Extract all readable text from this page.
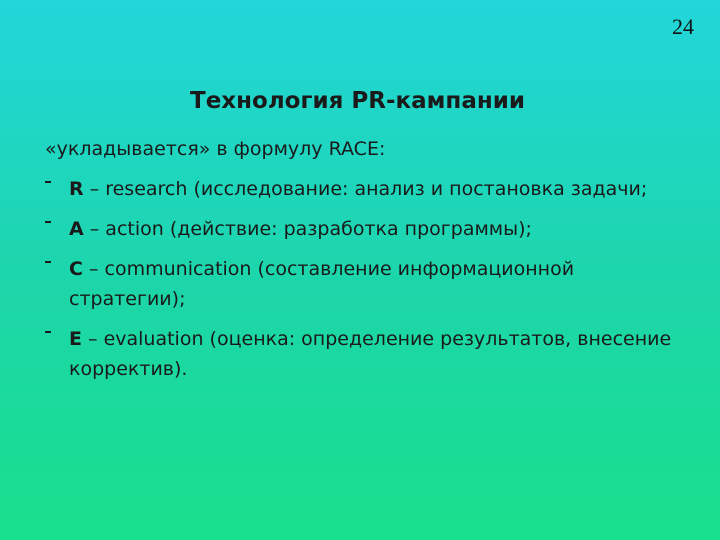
24
Технология PR-кампании
«укладывается» в формулу RACE:
R – research (исследование: анализ и постановка задачи;
A – action (действие: разработка программы);
C – communication (составление информационной стратегии);
E – evaluation (оценка: определение результатов, внесение корректив).
